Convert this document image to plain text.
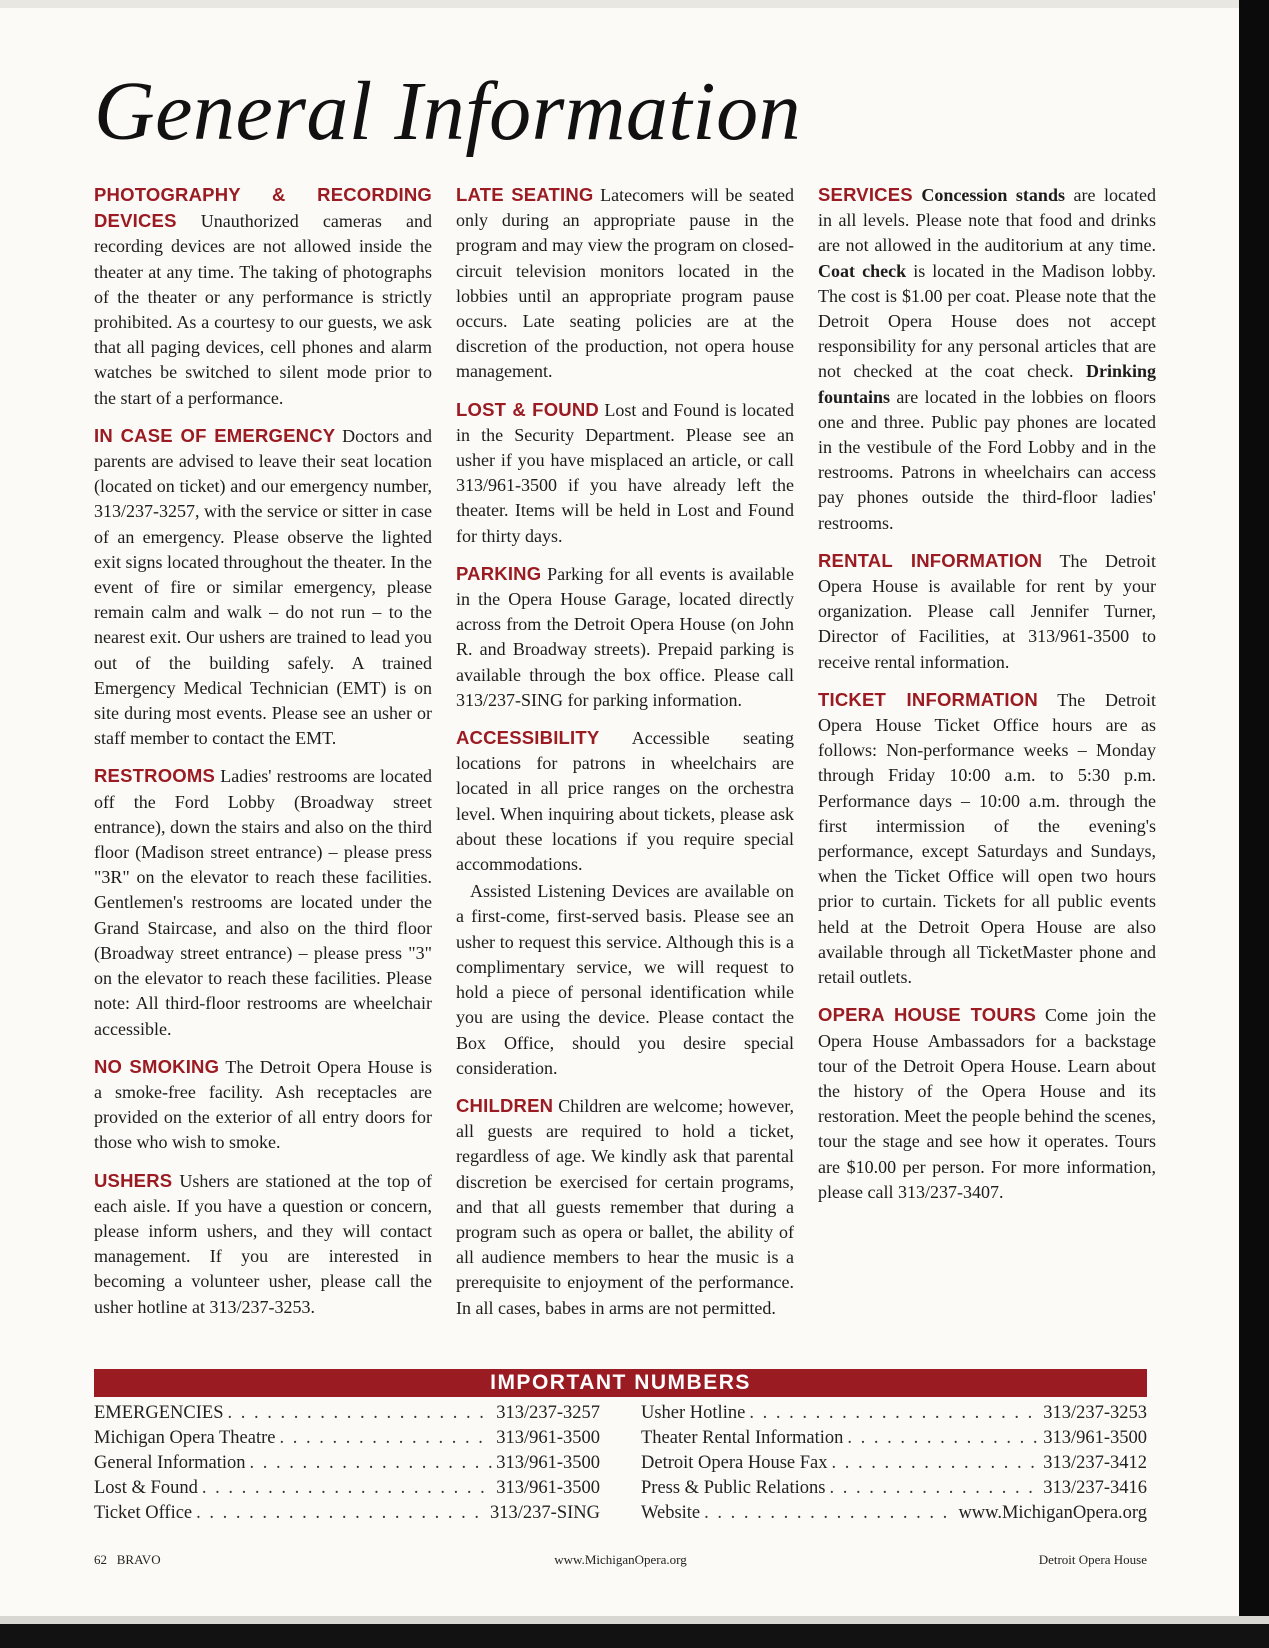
General Information

PHOTOGRAPHY & RECORDING DEVICES Unauthorized cameras and recording devices are not allowed inside the theater at any time. The taking of photographs of the theater or any performance is strictly prohibited. As a courtesy to our guests, we ask that all paging devices, cell phones and alarm watches be switched to silent mode prior to the start of a performance.

IN CASE OF EMERGENCY Doctors and parents are advised to leave their seat location (located on ticket) and our emergency number, 313/237-3257, with the service or sitter in case of an emergency. Please observe the lighted exit signs located throughout the theater. In the event of fire or similar emergency, please remain calm and walk – do not run – to the nearest exit. Our ushers are trained to lead you out of the building safely. A trained Emergency Medical Technician (EMT) is on site during most events. Please see an usher or staff member to contact the EMT.

RESTROOMS Ladies' restrooms are located off the Ford Lobby (Broadway street entrance), down the stairs and also on the third floor (Madison street entrance) – please press "3R" on the elevator to reach these facilities. Gentlemen's restrooms are located under the Grand Staircase, and also on the third floor (Broadway street entrance) – please press "3" on the elevator to reach these facilities. Please note: All third-floor restrooms are wheelchair accessible.

NO SMOKING The Detroit Opera House is a smoke-free facility. Ash receptacles are provided on the exterior of all entry doors for those who wish to smoke.

USHERS Ushers are stationed at the top of each aisle. If you have a question or concern, please inform ushers, and they will contact management. If you are interested in becoming a volunteer usher, please call the usher hotline at 313/237-3253.

LATE SEATING Latecomers will be seated only during an appropriate pause in the program and may view the program on closed-circuit television monitors located in the lobbies until an appropriate program pause occurs. Late seating policies are at the discretion of the production, not opera house management.

LOST & FOUND Lost and Found is located in the Security Department. Please see an usher if you have misplaced an article, or call 313/961-3500 if you have already left the theater. Items will be held in Lost and Found for thirty days.

PARKING Parking for all events is available in the Opera House Garage, located directly across from the Detroit Opera House (on John R. and Broadway streets). Prepaid parking is available through the box office. Please call 313/237-SING for parking information.

ACCESSIBILITY Accessible seating locations for patrons in wheelchairs are located in all price ranges on the orchestra level. When inquiring about tickets, please ask about these locations if you require special accommodations.

Assisted Listening Devices are available on a first-come, first-served basis. Please see an usher to request this service. Although this is a complimentary service, we will request to hold a piece of personal identification while you are using the device. Please contact the Box Office, should you desire special consideration.

CHILDREN Children are welcome; however, all guests are required to hold a ticket, regardless of age. We kindly ask that parental discretion be exercised for certain programs, and that all guests remember that during a program such as opera or ballet, the ability of all audience members to hear the music is a prerequisite to enjoyment of the performance. In all cases, babes in arms are not permitted.

SERVICES Concession stands are located in all levels. Please note that food and drinks are not allowed in the auditorium at any time. Coat check is located in the Madison lobby. The cost is $1.00 per coat. Please note that the Detroit Opera House does not accept responsibility for any personal articles that are not checked at the coat check. Drinking fountains are located in the lobbies on floors one and three. Public pay phones are located in the vestibule of the Ford Lobby and in the restrooms. Patrons in wheelchairs can access pay phones outside the third-floor ladies' restrooms.

RENTAL INFORMATION The Detroit Opera House is available for rent by your organization. Please call Jennifer Turner, Director of Facilities, at 313/961-3500 to receive rental information.

TICKET INFORMATION The Detroit Opera House Ticket Office hours are as follows: Non-performance weeks – Monday through Friday 10:00 a.m. to 5:30 p.m. Performance days – 10:00 a.m. through the first intermission of the evening's performance, except Saturdays and Sundays, when the Ticket Office will open two hours prior to curtain. Tickets for all public events held at the Detroit Opera House are also available through all TicketMaster phone and retail outlets.

OPERA HOUSE TOURS Come join the Opera House Ambassadors for a backstage tour of the Detroit Opera House. Learn about the history of the Opera House and its restoration. Meet the people behind the scenes, tour the stage and see how it operates. Tours are $10.00 per person. For more information, please call 313/237-3407.

IMPORTANT NUMBERS
EMERGENCIES . . .	313/237-3257
Michigan Opera Theatre . . .	313/961-3500
General Information . . .	313/961-3500
Lost & Found . . .	313/961-3500
Ticket Office . . .	313/237-SING
Usher Hotline . . .	313/237-3253
Theater Rental Information . . .	313/961-3500
Detroit Opera House Fax . . .	313/237-3412
Press & Public Relations . . .	313/237-3416
Website . . .	www.MichiganOpera.org
62 BRAVO	www.MichiganOpera.org	Detroit Opera House
